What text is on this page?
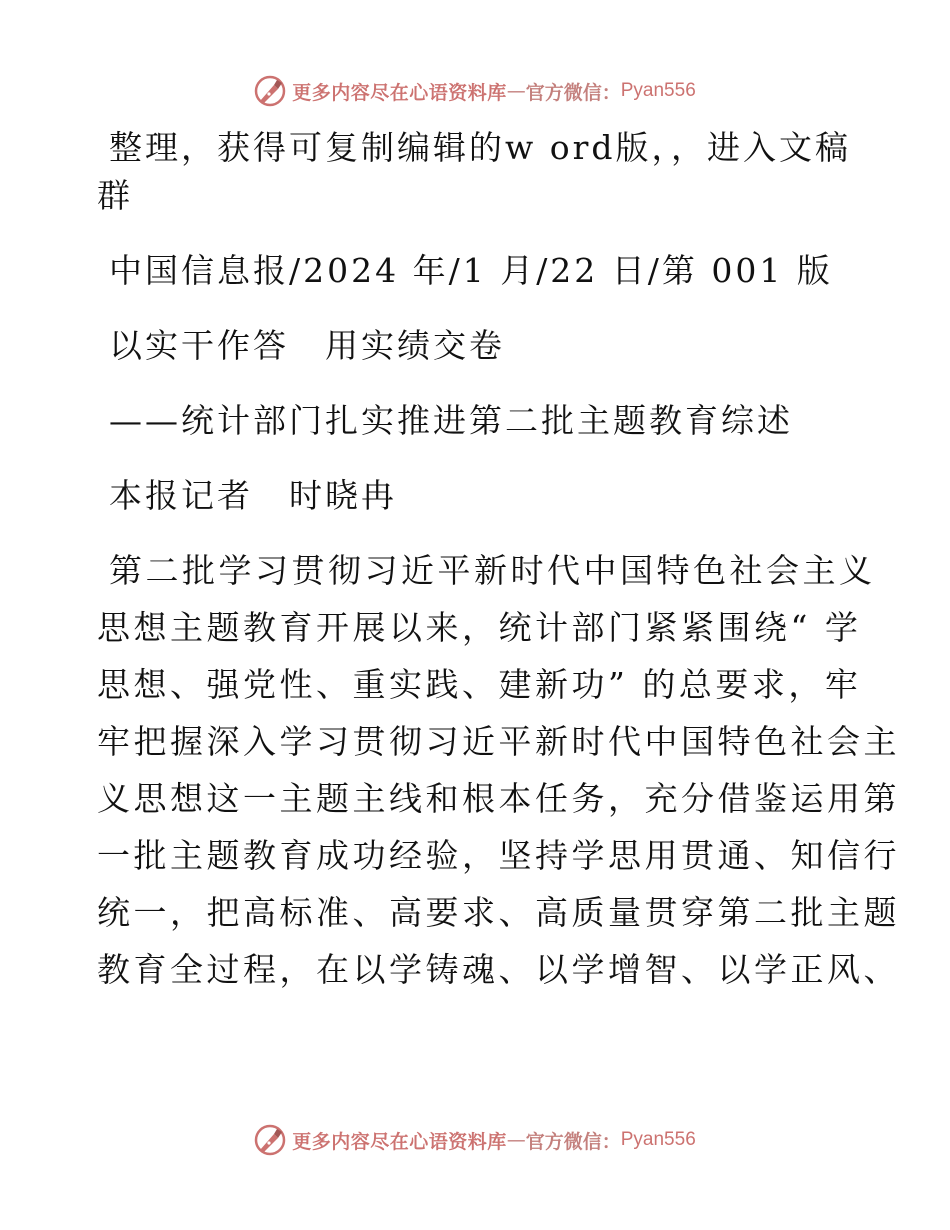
更多内容尽在心语资料库 — 官方微信： Pyan556

整理，获得可复制编辑的w ord版，，进入文稿

群

中国信息报/2024 年/1 月/22 日/第 001 版

以实干作答　用实绩交卷

——统计部门扎实推进第二批主题教育综述

本报记者　时晓冉

第二批学习贯彻习近平新时代中国特色社会主义

思想主题教育开展以来，统计部门紧紧围绕“ 学

思想、强党性、重实践、建新功” 的总要求，牢

牢把握深入学习贯彻习近平新时代中国特色社会主

义思想这一主题主线和根本任务，充分借鉴运用第

一批主题教育成功经验，坚持学思用贯通、知信行

统一，把高标准、高要求、高质量贯穿第二批主题

教育全过程，在以学铸魂、以学增智、以学正风、

更多内容尽在心语资料库 — 官方微信： Pyan556
